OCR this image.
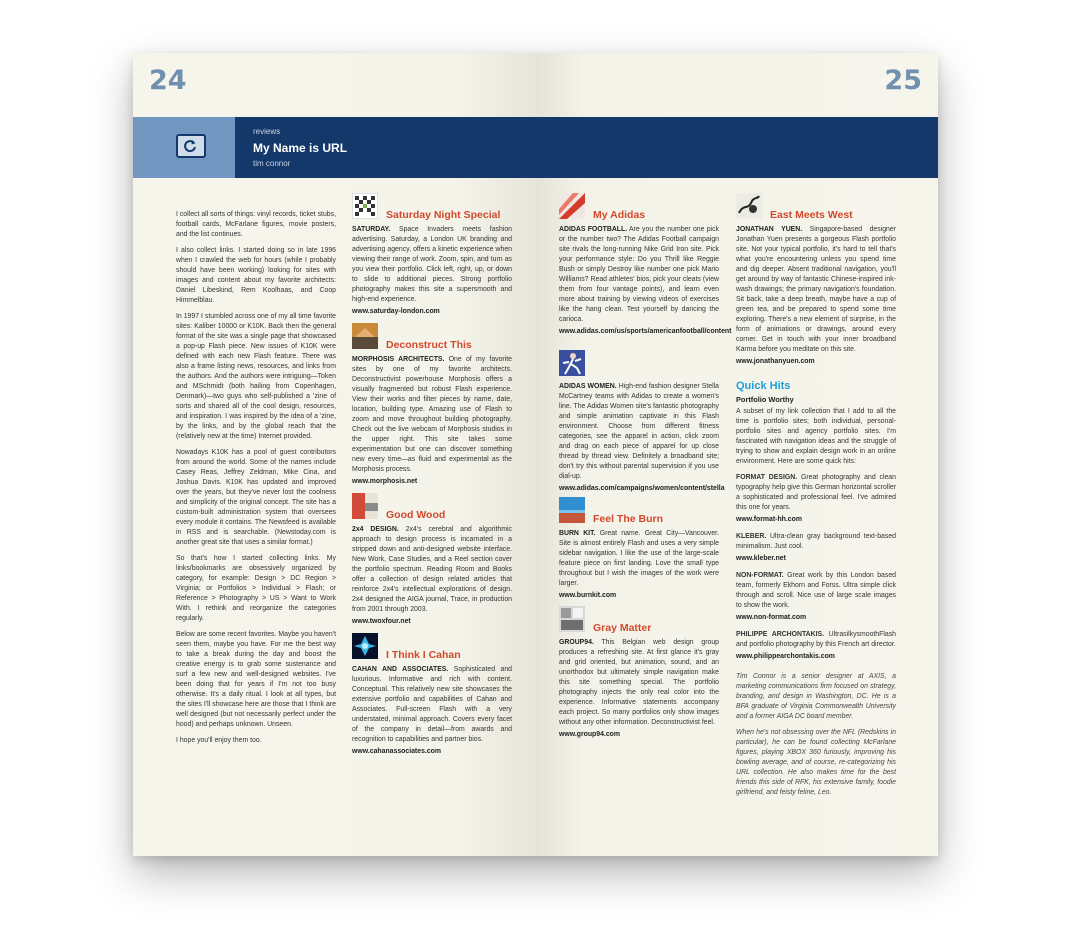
24	25
reviews
My Name is URL
tim connor

I collect all sorts of things: vinyl records, ticket stubs, football cards, McFarlane figures, movie posters, and the list continues.

I also collect links. I started doing so in late 1996 when I crawled the web for hours (while I probably should have been working) looking for sites with images and content about my favorite architects: Daniel Libeskind, Rem Koolhaas, and Coop Himmelblau.

In 1997 I stumbled across one of my all time favorite sites: Kaliber 10000 or K10K. Back then the general format of the site was a single page that showcased a pop-up Flash piece. New issues of K10K were defined with each new Flash feature. There was also a frame listing news, resources, and links from the authors. And the authors were intriguing—Token and MSchmidt (both hailing from Copenhagen, Denmark)—two guys who self-published a 'zine of sorts and shared all of the cool design, resources, and inspiration. I was inspired by the idea of a 'zine, by the links, and by the global reach that the (relatively new at the time) Internet provided.

Nowadays K10K has a pool of guest contributors from around the world. Some of the names include Casey Reas, Jeffrey Zeldman, Mike Cina, and Joshua Davis. K10K has updated and improved over the years, but they've never lost the coolness and simplicity of the original concept. The site has a custom-built administration system that oversees every module it contains. The Newsfeed is available in RSS and is searchable. (Newstoday.com is another great site that uses a similar format.)

So that's how I started collecting links. My links/bookmarks are obsessively organized by category, for example: Design > DC Region > Virginia; or Portfolios > Individual > Flash; or Reference > Photography > US > Want to Work With. I rethink and reorganize the categories regularly.

Below are some recent favorites. Maybe you haven't seen them, maybe you have. For me the best way to take a break during the day and boost the creative energy is to grab some sustenance and surf a few new and well-designed websites. I've been doing that for years if I'm not too busy otherwise. It's a daily ritual. I look at all types, but the sites I'll showcase here are those that I think are well designed (but not necessarily perfect under the hood) and perhaps unknown. Unseen.

I hope you'll enjoy them too.

Saturday Night Special
SATURDAY. Space Invaders meets fashion advertising. Saturday, a London UK branding and advertising agency, offers a kinetic experience when viewing their range of work. Zoom, spin, and turn as you view their portfolio. Click left, right, up, or down to slide to additional pieces. Strong portfolio photography makes this site a supersmooth and high-end experience.
www.saturday-london.com
Deconstruct This
MORPHOSIS ARCHITECTS. One of my favorite sites by one of my favorite architects. Deconstructivist powerhouse Morphosis offers a visually fragmented but robust Flash experience. View their works and filter pieces by name, date, location, building type. Amazing use of Flash to zoom and move throughout building photography. Check out the live webcam of Morphosis studios in the upper right. This site takes some experimentation but one can discover something new every time—as fluid and experimental as the Morphosis process.
www.morphosis.net
Good Wood
2x4 DESIGN. 2x4's cerebral and algorithmic approach to design process is incarnated in a stripped down and anti-designed website interface. New Work, Case Studies, and a Reel section cover the portfolio spectrum. Reading Room and Books offer a collection of design related articles that reinforce 2x4's intellectual explorations of design. 2x4 designed the AIGA journal, Trace, in production from 2001 through 2003.
www.twoxfour.net
I Think I Cahan
CAHAN AND ASSOCIATES. Sophisticated and luxurious. Informative and rich with content. Conceptual. This relatively new site showcases the extensive portfolio and capabilities of Cahan and Associates. Full-screen Flash with a very understated, minimal approach. Covers every facet of the company in detail—from awards and recognition to capabilities and partner bios.
www.cahanassociates.com
My Adidas
ADIDAS FOOTBALL. Are you the number one pick or the number two? The Adidas Football campaign site rivals the long-running Nike Grid Iron site. Pick your performance style: Do you Thrill like Reggie Bush or simply Destroy like number one pick Mario Williams? Read athletes' bios, pick your cleats (view them from four vantage points), and learn even more about training by viewing videos of exercises like the hang clean. Test yourself by dancing the carioca.
www.adidas.com/us/sports/americanfootball/content
ADIDAS WOMEN. High-end fashion designer Stella McCartney teams with Adidas to create a women's line. The Adidas Women site's fantastic photography and simple animation captivate in this Flash environment. Choose from different fitness categories, see the apparel in action, click zoom and drag on each piece of apparel for up close thread by thread view. Definitely a broadband site; don't try this without parental supervision if you use dial-up.
www.adidas.com/campaigns/women/content/stella
Feel The Burn
BURN KIT. Great name. Great City—Vancouver. Site is almost entirely Flash and uses a very simple sidebar navigation. I like the use of the large-scale feature piece on first landing. Love the small type throughout but I wish the images of the work were larger.
www.burnkit.com
Gray Matter
GROUP94. This Belgian web design group produces a refreshing site. At first glance it's gray and grid oriented, but animation, sound, and an unorthodox but ultimately simple navigation make this site something special. The portfolio photography injects the only real color into the experience. Informative statements accompany each project. So many portfolios only show images without any other information. Deconstructivist feel.
www.group94.com
East Meets West
JONATHAN YUEN. Singapore-based designer Jonathan Yuen presents a gorgeous Flash portfolio site. Not your typical portfolio, it's hard to tell that's what you're encountering unless you spend time and dig deeper. Absent traditional navigation, you'll get around by way of fantastic Chinese-inspired ink-wash drawings; the primary navigation's foundation. Sit back, take a deep breath, maybe have a cup of green tea, and be prepared to spend some time exploring. There's a new element of surprise, in the form of animations or drawings, around every corner. Get in touch with your inner broadband Karma before you meditate on this site.
www.jonathanyuen.com
Quick Hits
Portfolio Worthy

A subset of my link collection that I add to all the time is portfolio sites; both individual, personal-portfolio sites and agency portfolio sites. I'm fascinated with navigation ideas and the struggle of trying to show and explain design work in an online environment. Here are some quick hits:

FORMAT DESIGN. Great photography and clean typography help give this German horizontal scroller a sophisticated and professional feel. I've admired this one for years.
www.format-hh.com
KLEBER. Ultra-clean gray background text-based minimalism. Just cool.
www.kleber.net
NON-FORMAT. Great work by this London based team, formerly Ekhorn and Forss. Ultra simple click through and scroll. Nice use of large scale images to show the work.
www.non-format.com
PHILIPPE ARCHONTAKIS. UltrasilkysmoothFlash and portfolio photography by this French art director.
www.philippearchontakis.com

Tim Connor is a senior designer at AXIS, a marketing communications firm focused on strategy, branding, and design in Washington, DC. He is a BFA graduate of Virginia Commonwealth University and a former AIGA DC board member.

When he's not obsessing over the NFL (Redskins in particular), he can be found collecting McFarlane figures, playing XBOX 360 furiously, improving his bowling average, and of course, re-categorizing his URL collection. He also makes time for the best friends this side of RFK, his extensive family, foodie girlfriend, and feisty feline, Leo.
